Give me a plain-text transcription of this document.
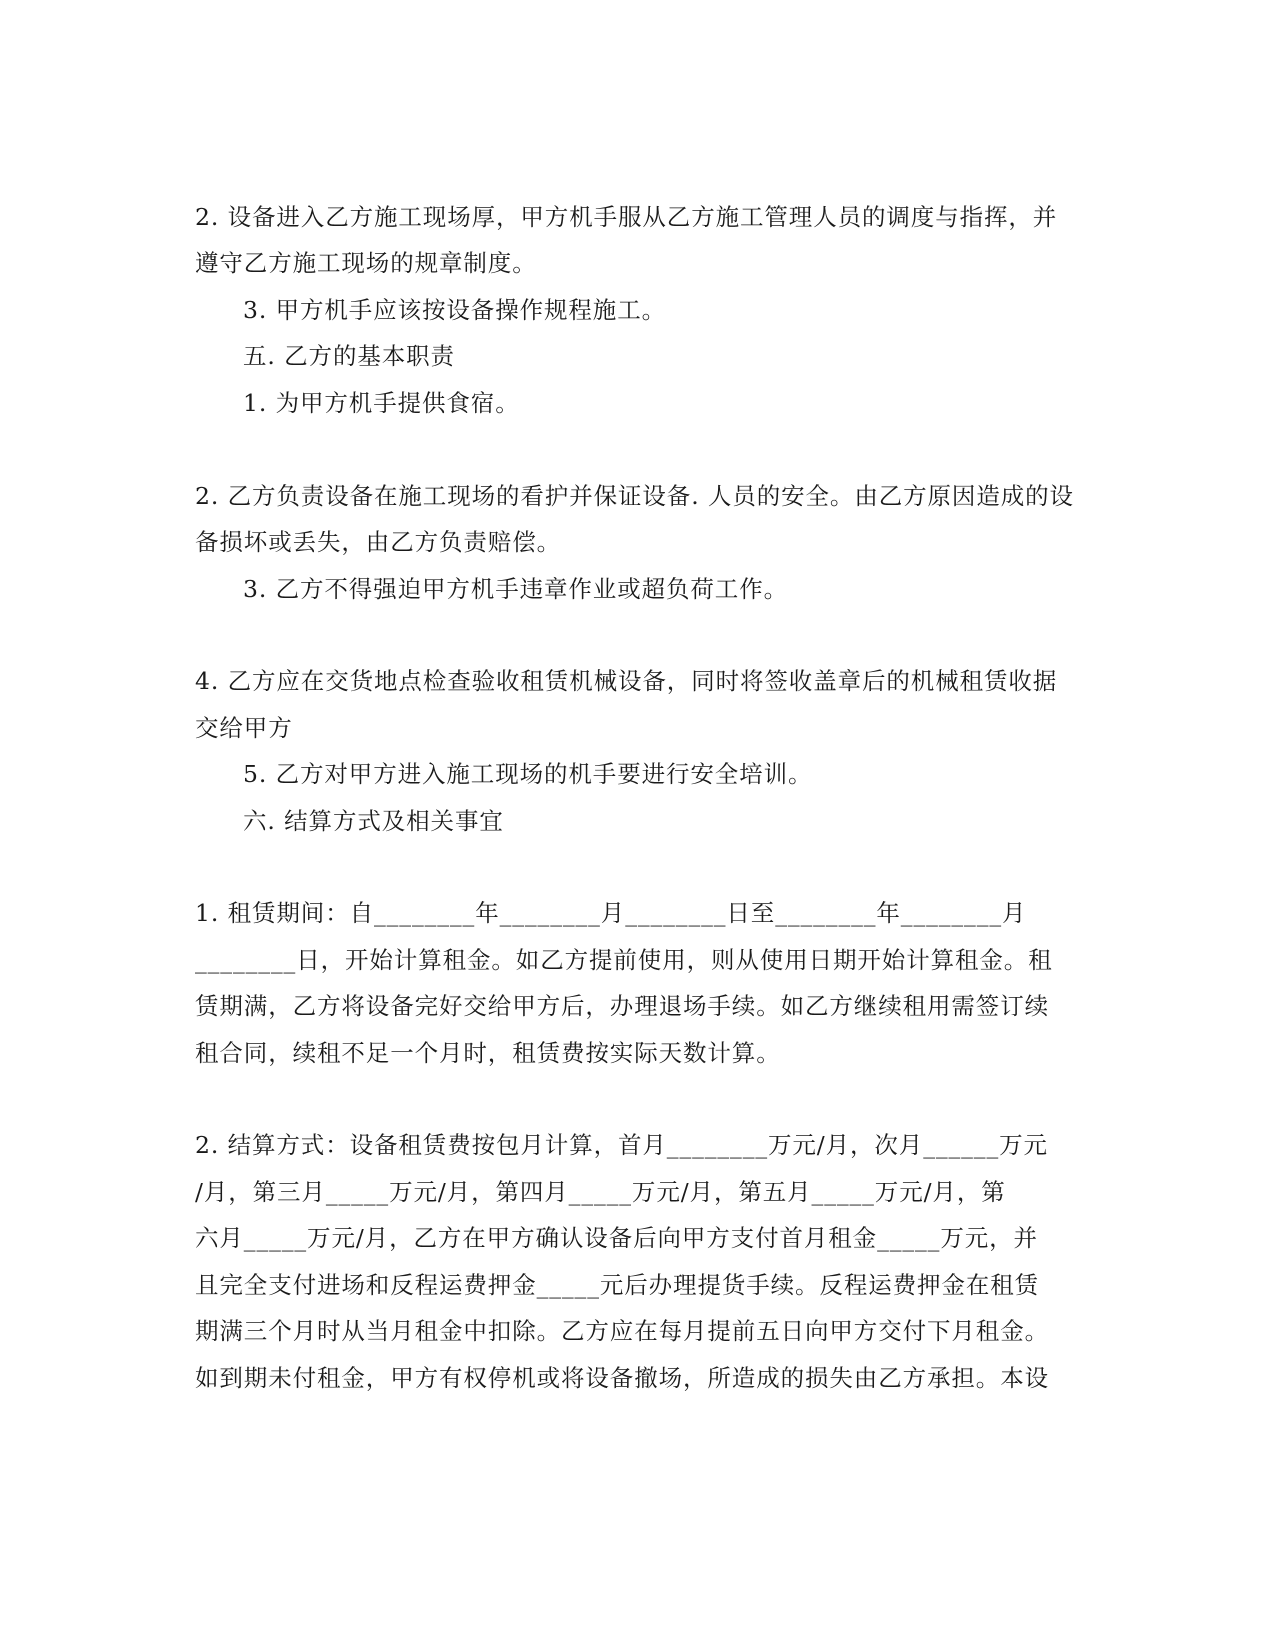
2. 设备进入乙方施工现场厚，甲方机手服从乙方施工管理人员的调度与指挥，并
遵守乙方施工现场的规章制度。
3. 甲方机手应该按设备操作规程施工。
五. 乙方的基本职责
1. 为甲方机手提供食宿。
2. 乙方负责设备在施工现场的看护并保证设备. 人员的安全。由乙方原因造成的设
备损坏或丢失，由乙方负责赔偿。
3. 乙方不得强迫甲方机手违章作业或超负荷工作。
4. 乙方应在交货地点检查验收租赁机械设备，同时将签收盖章后的机械租赁收据
交给甲方
5. 乙方对甲方进入施工现场的机手要进行安全培训。
六. 结算方式及相关事宜
1. 租赁期间：自________年________月________日至________年________月
________日，开始计算租金。如乙方提前使用，则从使用日期开始计算租金。租
赁期满，乙方将设备完好交给甲方后，办理退场手续。如乙方继续租用需签订续
租合同，续租不足一个月时，租赁费按实际天数计算。
2. 结算方式：设备租赁费按包月计算，首月________万元/月，次月______万元
/月，第三月_____万元/月，第四月_____万元/月，第五月_____万元/月，第
六月_____万元/月，乙方在甲方确认设备后向甲方支付首月租金_____万元，并
且完全支付进场和反程运费押金_____元后办理提货手续。反程运费押金在租赁
期满三个月时从当月租金中扣除。乙方应在每月提前五日向甲方交付下月租金。
如到期未付租金，甲方有权停机或将设备撤场，所造成的损失由乙方承担。本设
